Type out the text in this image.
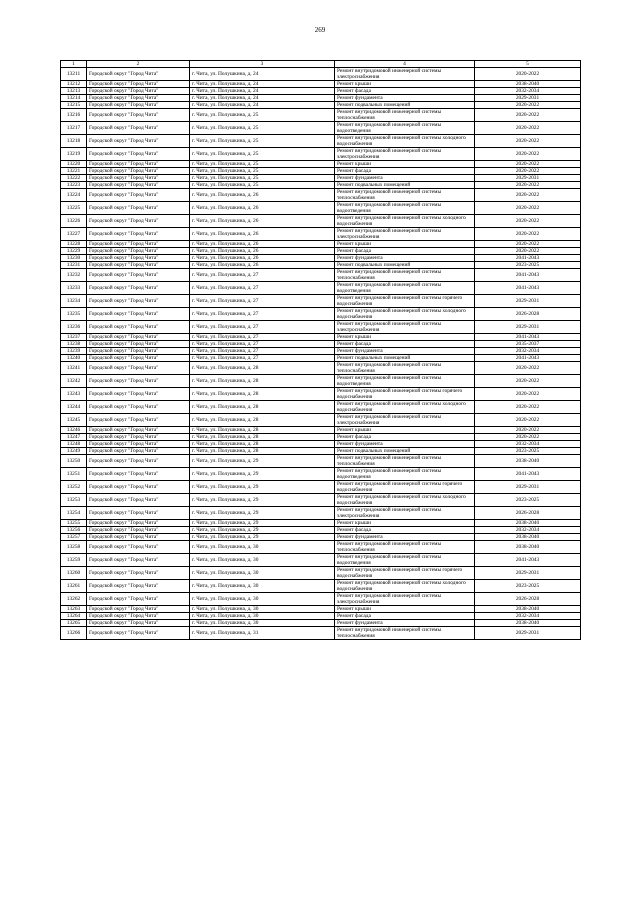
269
1	2	3	4	5
13211	Городской округ "Город Чита"	г. Чита, ул. Полушкина, д. 24	Ремонт внутридомовой инженерной системы электроснабжения	2020-2022
13212	Городской округ "Город Чита"	г. Чита, ул. Полушкина, д. 24	Ремонт крыши	2038-2040
13213	Городской округ "Город Чита"	г. Чита, ул. Полушкина, д. 24	Ремонт фасада	2032-2034
13214	Городской округ "Город Чита"	г. Чита, ул. Полушкина, д. 24	Ремонт фундамента	2029-2031
13215	Городской округ "Город Чита"	г. Чита, ул. Полушкина, д. 24	Ремонт подвальных помещений	2020-2022
13216	Городской округ "Город Чита"	г. Чита, ул. Полушкина, д. 25	Ремонт внутридомовой инженерной системы теплоснабжения	2020-2022
13217	Городской округ "Город Чита"	г. Чита, ул. Полушкина, д. 25	Ремонт внутридомовой инженерной системы водоотведения	2020-2022
13218	Городской округ "Город Чита"	г. Чита, ул. Полушкина, д. 25	Ремонт внутридомовой инженерной системы холодного водоснабжения	2020-2022
13219	Городской округ "Город Чита"	г. Чита, ул. Полушкина, д. 25	Ремонт внутридомовой инженерной системы электроснабжения	2020-2022
13220	Городской округ "Город Чита"	г. Чита, ул. Полушкина, д. 25	Ремонт крыши	2020-2022
13221	Городской округ "Город Чита"	г. Чита, ул. Полушкина, д. 25	Ремонт фасада	2020-2022
13222	Городской округ "Город Чита"	г. Чита, ул. Полушкина, д. 25	Ремонт фундамента	2029-2031
13223	Городской округ "Город Чита"	г. Чита, ул. Полушкина, д. 25	Ремонт подвальных помещений	2020-2022
13224	Городской округ "Город Чита"	г. Чита, ул. Полушкина, д. 26	Ремонт внутридомовой инженерной системы теплоснабжения	2020-2022
13225	Городской округ "Город Чита"	г. Чита, ул. Полушкина, д. 26	Ремонт внутридомовой инженерной системы водоотведения	2020-2022
13226	Городской округ "Город Чита"	г. Чита, ул. Полушкина, д. 26	Ремонт внутридомовой инженерной системы холодного водоснабжения	2020-2022
13227	Городской округ "Город Чита"	г. Чита, ул. Полушкина, д. 26	Ремонт внутридомовой инженерной системы электроснабжения	2020-2022
13228	Городской округ "Город Чита"	г. Чита, ул. Полушкина, д. 26	Ремонт крыши	2020-2022
13229	Городской округ "Город Чита"	г. Чита, ул. Полушкина, д. 26	Ремонт фасада	2020-2022
13230	Городской округ "Город Чита"	г. Чита, ул. Полушкина, д. 26	Ремонт фундамента	2041-2043
13231	Городской округ "Город Чита"	г. Чита, ул. Полушкина, д. 26	Ремонт подвальных помещений	2023-2025
13232	Городской округ "Город Чита"	г. Чита, ул. Полушкина, д. 27	Ремонт внутридомовой инженерной системы теплоснабжения	2041-2043
13233	Городской округ "Город Чита"	г. Чита, ул. Полушкина, д. 27	Ремонт внутридомовой инженерной системы водоотведения	2041-2043
13234	Городской округ "Город Чита"	г. Чита, ул. Полушкина, д. 27	Ремонт внутридомовой инженерной системы горячего водоснабжения	2029-2031
13235	Городской округ "Город Чита"	г. Чита, ул. Полушкина, д. 27	Ремонт внутридомовой инженерной системы холодного водоснабжения	2026-2028
13236	Городской округ "Город Чита"	г. Чита, ул. Полушкина, д. 27	Ремонт внутридомовой инженерной системы электроснабжения	2029-2031
13237	Городской округ "Город Чита"	г. Чита, ул. Полушкина, д. 27	Ремонт крыши	2041-2043
13238	Городской округ "Город Чита"	г. Чита, ул. Полушкина, д. 27	Ремонт фасада	2035-2037
13239	Городской округ "Город Чита"	г. Чита, ул. Полушкина, д. 27	Ремонт фундамента	2032-2034
13240	Городской округ "Город Чита"	г. Чита, ул. Полушкина, д. 27	Ремонт подвальных помещений	2041-2043
13241	Городской округ "Город Чита"	г. Чита, ул. Полушкина, д. 28	Ремонт внутридомовой инженерной системы теплоснабжения	2020-2022
13242	Городской округ "Город Чита"	г. Чита, ул. Полушкина, д. 28	Ремонт внутридомовой инженерной системы водоотведения	2020-2022
13243	Городской округ "Город Чита"	г. Чита, ул. Полушкина, д. 28	Ремонт внутридомовой инженерной системы горячего водоснабжения	2020-2022
13244	Городской округ "Город Чита"	г. Чита, ул. Полушкина, д. 28	Ремонт внутридомовой инженерной системы холодного водоснабжения	2020-2022
13245	Городской округ "Город Чита"	г. Чита, ул. Полушкина, д. 28	Ремонт внутридомовой инженерной системы электроснабжения	2020-2022
13246	Городской округ "Город Чита"	г. Чита, ул. Полушкина, д. 28	Ремонт крыши	2020-2022
13247	Городской округ "Город Чита"	г. Чита, ул. Полушкина, д. 28	Ремонт фасада	2020-2022
13248	Городской округ "Город Чита"	г. Чита, ул. Полушкина, д. 28	Ремонт фундамента	2032-2034
13249	Городской округ "Город Чита"	г. Чита, ул. Полушкина, д. 28	Ремонт подвальных помещений	2023-2025
13250	Городской округ "Город Чита"	г. Чита, ул. Полушкина, д. 29	Ремонт внутридомовой инженерной системы теплоснабжения	2038-2040
13251	Городской округ "Город Чита"	г. Чита, ул. Полушкина, д. 29	Ремонт внутридомовой инженерной системы водоотведения	2041-2043
13252	Городской округ "Город Чита"	г. Чита, ул. Полушкина, д. 29	Ремонт внутридомовой инженерной системы горячего водоснабжения	2029-2031
13253	Городской округ "Город Чита"	г. Чита, ул. Полушкина, д. 29	Ремонт внутридомовой инженерной системы холодного водоснабжения	2023-2025
13254	Городской округ "Город Чита"	г. Чита, ул. Полушкина, д. 29	Ремонт внутридомовой инженерной системы электроснабжения	2026-2028
13255	Городской округ "Город Чита"	г. Чита, ул. Полушкина, д. 29	Ремонт крыши	2038-2040
13256	Городской округ "Город Чита"	г. Чита, ул. Полушкина, д. 29	Ремонт фасада	2032-2034
13257	Городской округ "Город Чита"	г. Чита, ул. Полушкина, д. 29	Ремонт фундамента	2038-2040
13258	Городской округ "Город Чита"	г. Чита, ул. Полушкина, д. 30	Ремонт внутридомовой инженерной системы теплоснабжения	2038-2040
13259	Городской округ "Город Чита"	г. Чита, ул. Полушкина, д. 30	Ремонт внутридомовой инженерной системы водоотведения	2041-2043
13260	Городской округ "Город Чита"	г. Чита, ул. Полушкина, д. 30	Ремонт внутридомовой инженерной системы горячего водоснабжения	2029-2031
13261	Городской округ "Город Чита"	г. Чита, ул. Полушкина, д. 30	Ремонт внутридомовой инженерной системы холодного водоснабжения	2023-2025
13262	Городской округ "Город Чита"	г. Чита, ул. Полушкина, д. 30	Ремонт внутридомовой инженерной системы электроснабжения	2026-2028
13263	Городской округ "Город Чита"	г. Чита, ул. Полушкина, д. 30	Ремонт крыши	2038-2040
13264	Городской округ "Город Чита"	г. Чита, ул. Полушкина, д. 30	Ремонт фасада	2032-2034
13265	Городской округ "Город Чита"	г. Чита, ул. Полушкина, д. 30	Ремонт фундамента	2038-2040
13266	Городской округ "Город Чита"	г. Чита, ул. Полушкина, д. 31	Ремонт внутридомовой инженерной системы теплоснабжения	2029-2031
